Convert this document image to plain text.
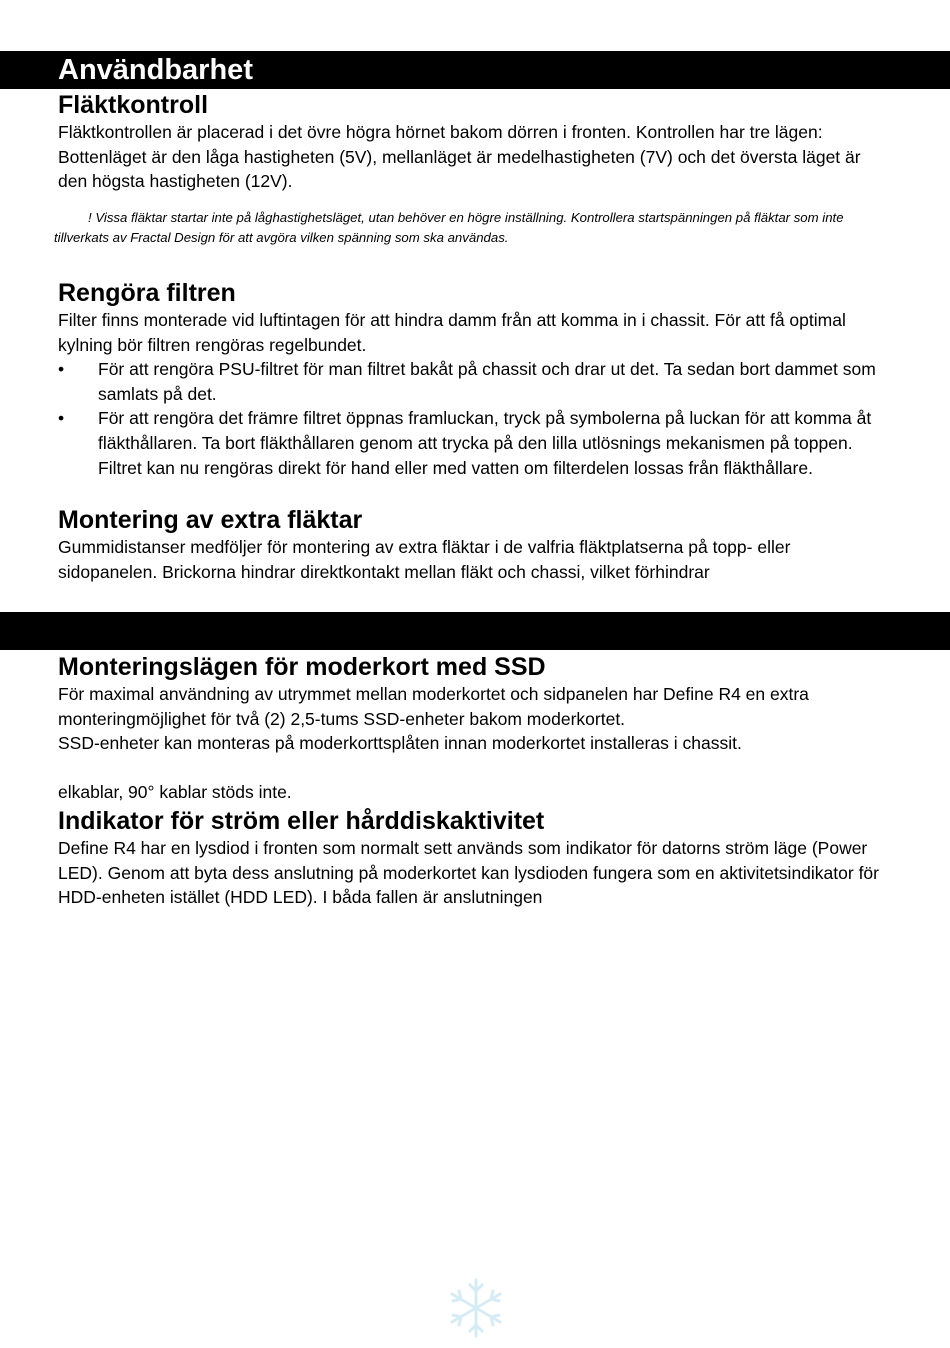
Användbarhet
Fläktkontroll

Fläktkontrollen är placerad i det övre högra hörnet bakom dörren i fronten. Kontrollen har tre lägen: Bottenläget är den låga hastigheten (5V), mellanläget är medelhastigheten (7V) och det översta läget är den högsta hastigheten (12V).

! Vissa fläktar startar inte på låghastighetsläget, utan behöver en högre inställning. Kontrollera startspänningen på fläktar som inte tillverkats av Fractal Design för att avgöra vilken spänning som ska användas.

Rengöra filtren

Filter finns monterade vid luftintagen för att hindra damm från att komma in i chassit. För att få optimal kylning bör filtren rengöras regelbundet.

• För att rengöra PSU-filtret för man filtret bakåt på chassit och drar ut det. Ta sedan bort dammet som samlats på det.
• För att rengöra det främre filtret öppnas framluckan, tryck på symbolerna på luckan för att komma åt fläkthållaren. Ta bort fläkthållaren genom att trycka på den lilla utlösnings mekanismen på toppen. Filtret kan nu rengöras direkt för hand eller med vatten om filterdelen lossas från fläkthållare.
Montering av extra fläktar

Gummidistanser medföljer för montering av extra fläktar i de valfria fläktplatserna på topp- eller sidopanelen. Brickorna hindrar direktkontakt mellan fläkt och chassi, vilket förhindrar

Monteringslägen för moderkort med SSD

För maximal användning av utrymmet mellan moderkortet och sidpanelen har Define R4 en extra monteringmöjlighet för två (2) 2,5-tums SSD-enheter bakom moderkortet.

SSD-enheter kan monteras på moderkorttsplåten innan moderkortet installeras i chassit.

elkablar, 90° kablar stöds inte.

Indikator för ström eller hårddiskaktivitet

Define R4 har en lysdiod i fronten som normalt sett används som indikator för datorns ström läge (Power LED). Genom att byta dess anslutning på moderkortet kan lysdioden fungera som en aktivitetsindikator för HDD-enheten istället (HDD LED). I båda fallen är anslutningen
